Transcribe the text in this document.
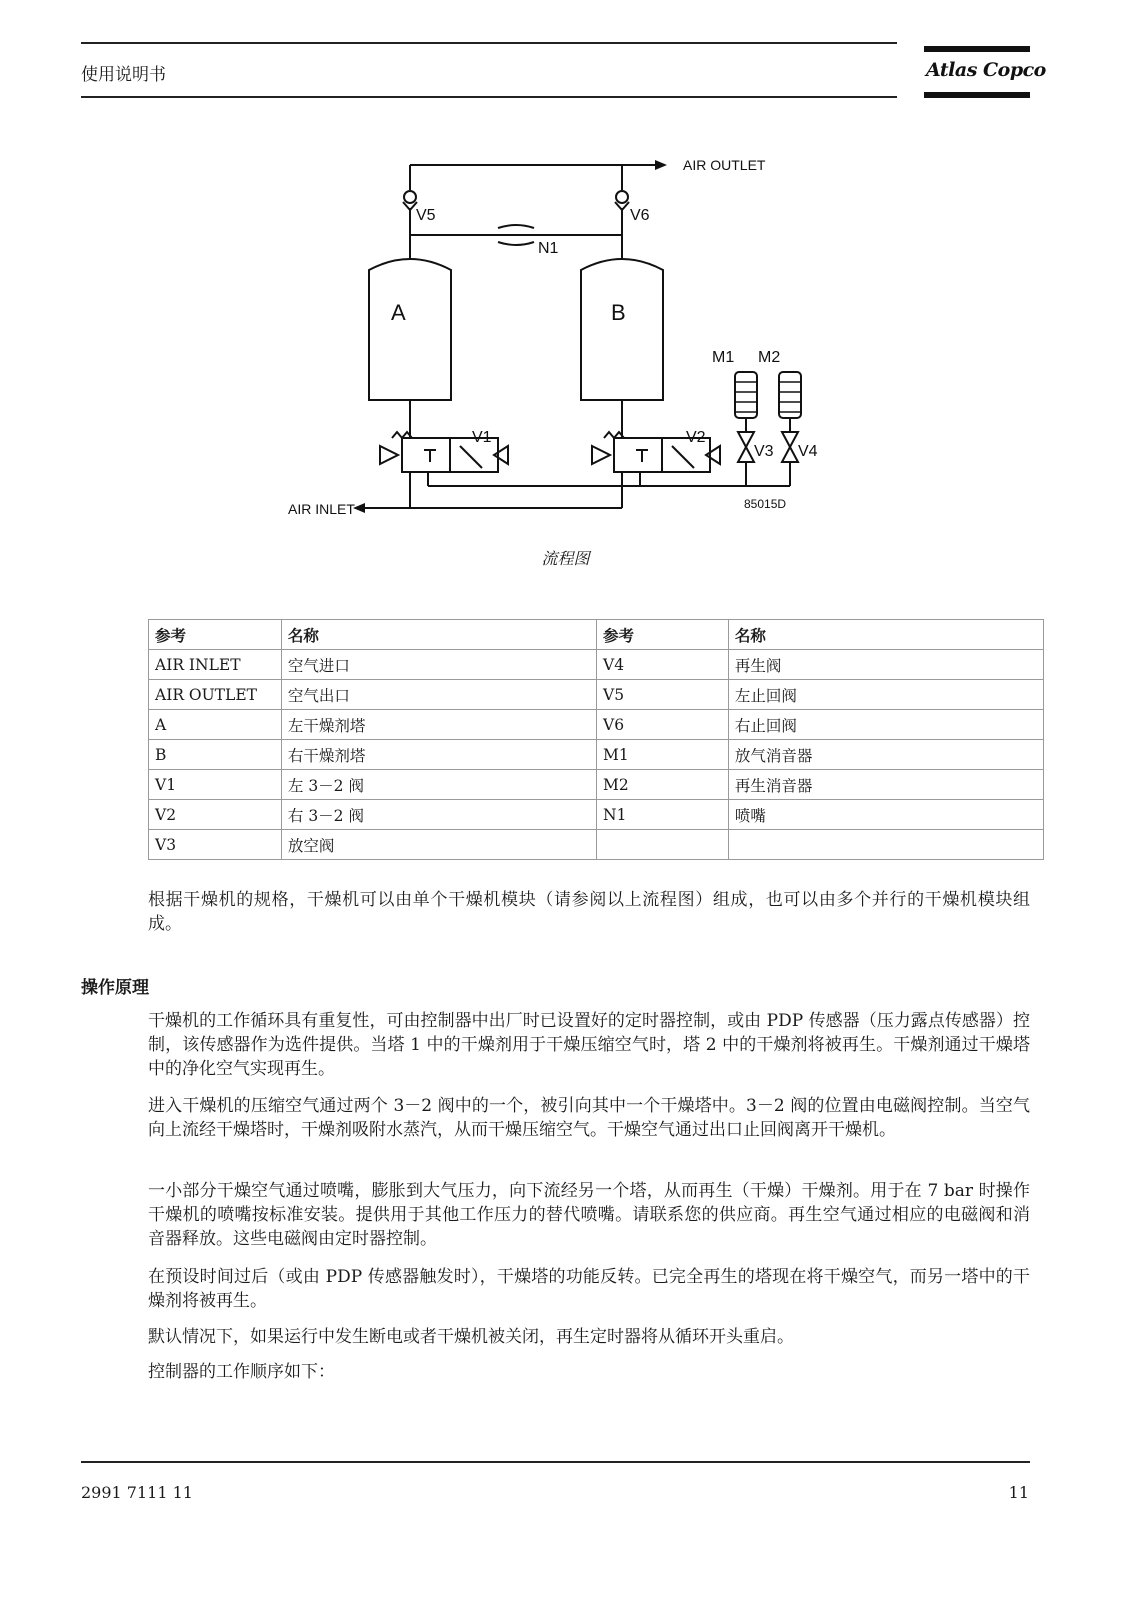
使用说明书	Atlas Copco
AIR OUTLET
V5	V6
N1
A	B
V1	V2
AIR INLET
M1 M2
V3 V4
85015D
流程图
参考	名称	参考	名称
AIR INLET	空气进口	V4	再生阀
AIR OUTLET	空气出口	V5	左止回阀
A	左干燥剂塔	V6	右止回阀
B	右干燥剂塔	M1	放气消音器
V1	左 3－2 阀	M2	再生消音器
V2	右 3－2 阀	N1	喷嘴
V3	放空阀		
根据干燥机的规格，干燥机可以由单个干燥机模块（请参阅以上流程图）组成，也可以由多个并行的干燥机模块组成。
操作原理
干燥机的工作循环具有重复性，可由控制器中出厂时已设置好的定时器控制，或由 PDP 传感器（压力露点传感器）控制，该传感器作为选件提供。当塔 1 中的干燥剂用于干燥压缩空气时，塔 2 中的干燥剂将被再生。干燥剂通过干燥塔中的净化空气实现再生。
进入干燥机的压缩空气通过两个 3－2 阀中的一个，被引向其中一个干燥塔中。3－2 阀的位置由电磁阀控制。当空气向上流经干燥塔时，干燥剂吸附水蒸汽，从而干燥压缩空气。干燥空气通过出口止回阀离开干燥机。
一小部分干燥空气通过喷嘴，膨胀到大气压力，向下流经另一个塔，从而再生（干燥）干燥剂。用于在 7 bar 时操作干燥机的喷嘴按标准安装。提供用于其他工作压力的替代喷嘴。请联系您的供应商。再生空气通过相应的电磁阀和消音器释放。这些电磁阀由定时器控制。
在预设时间过后（或由 PDP 传感器触发时），干燥塔的功能反转。已完全再生的塔现在将干燥空气，而另一塔中的干燥剂将被再生。
默认情况下，如果运行中发生断电或者干燥机被关闭，再生定时器将从循环开头重启。
控制器的工作顺序如下：
2991 7111 11	11
